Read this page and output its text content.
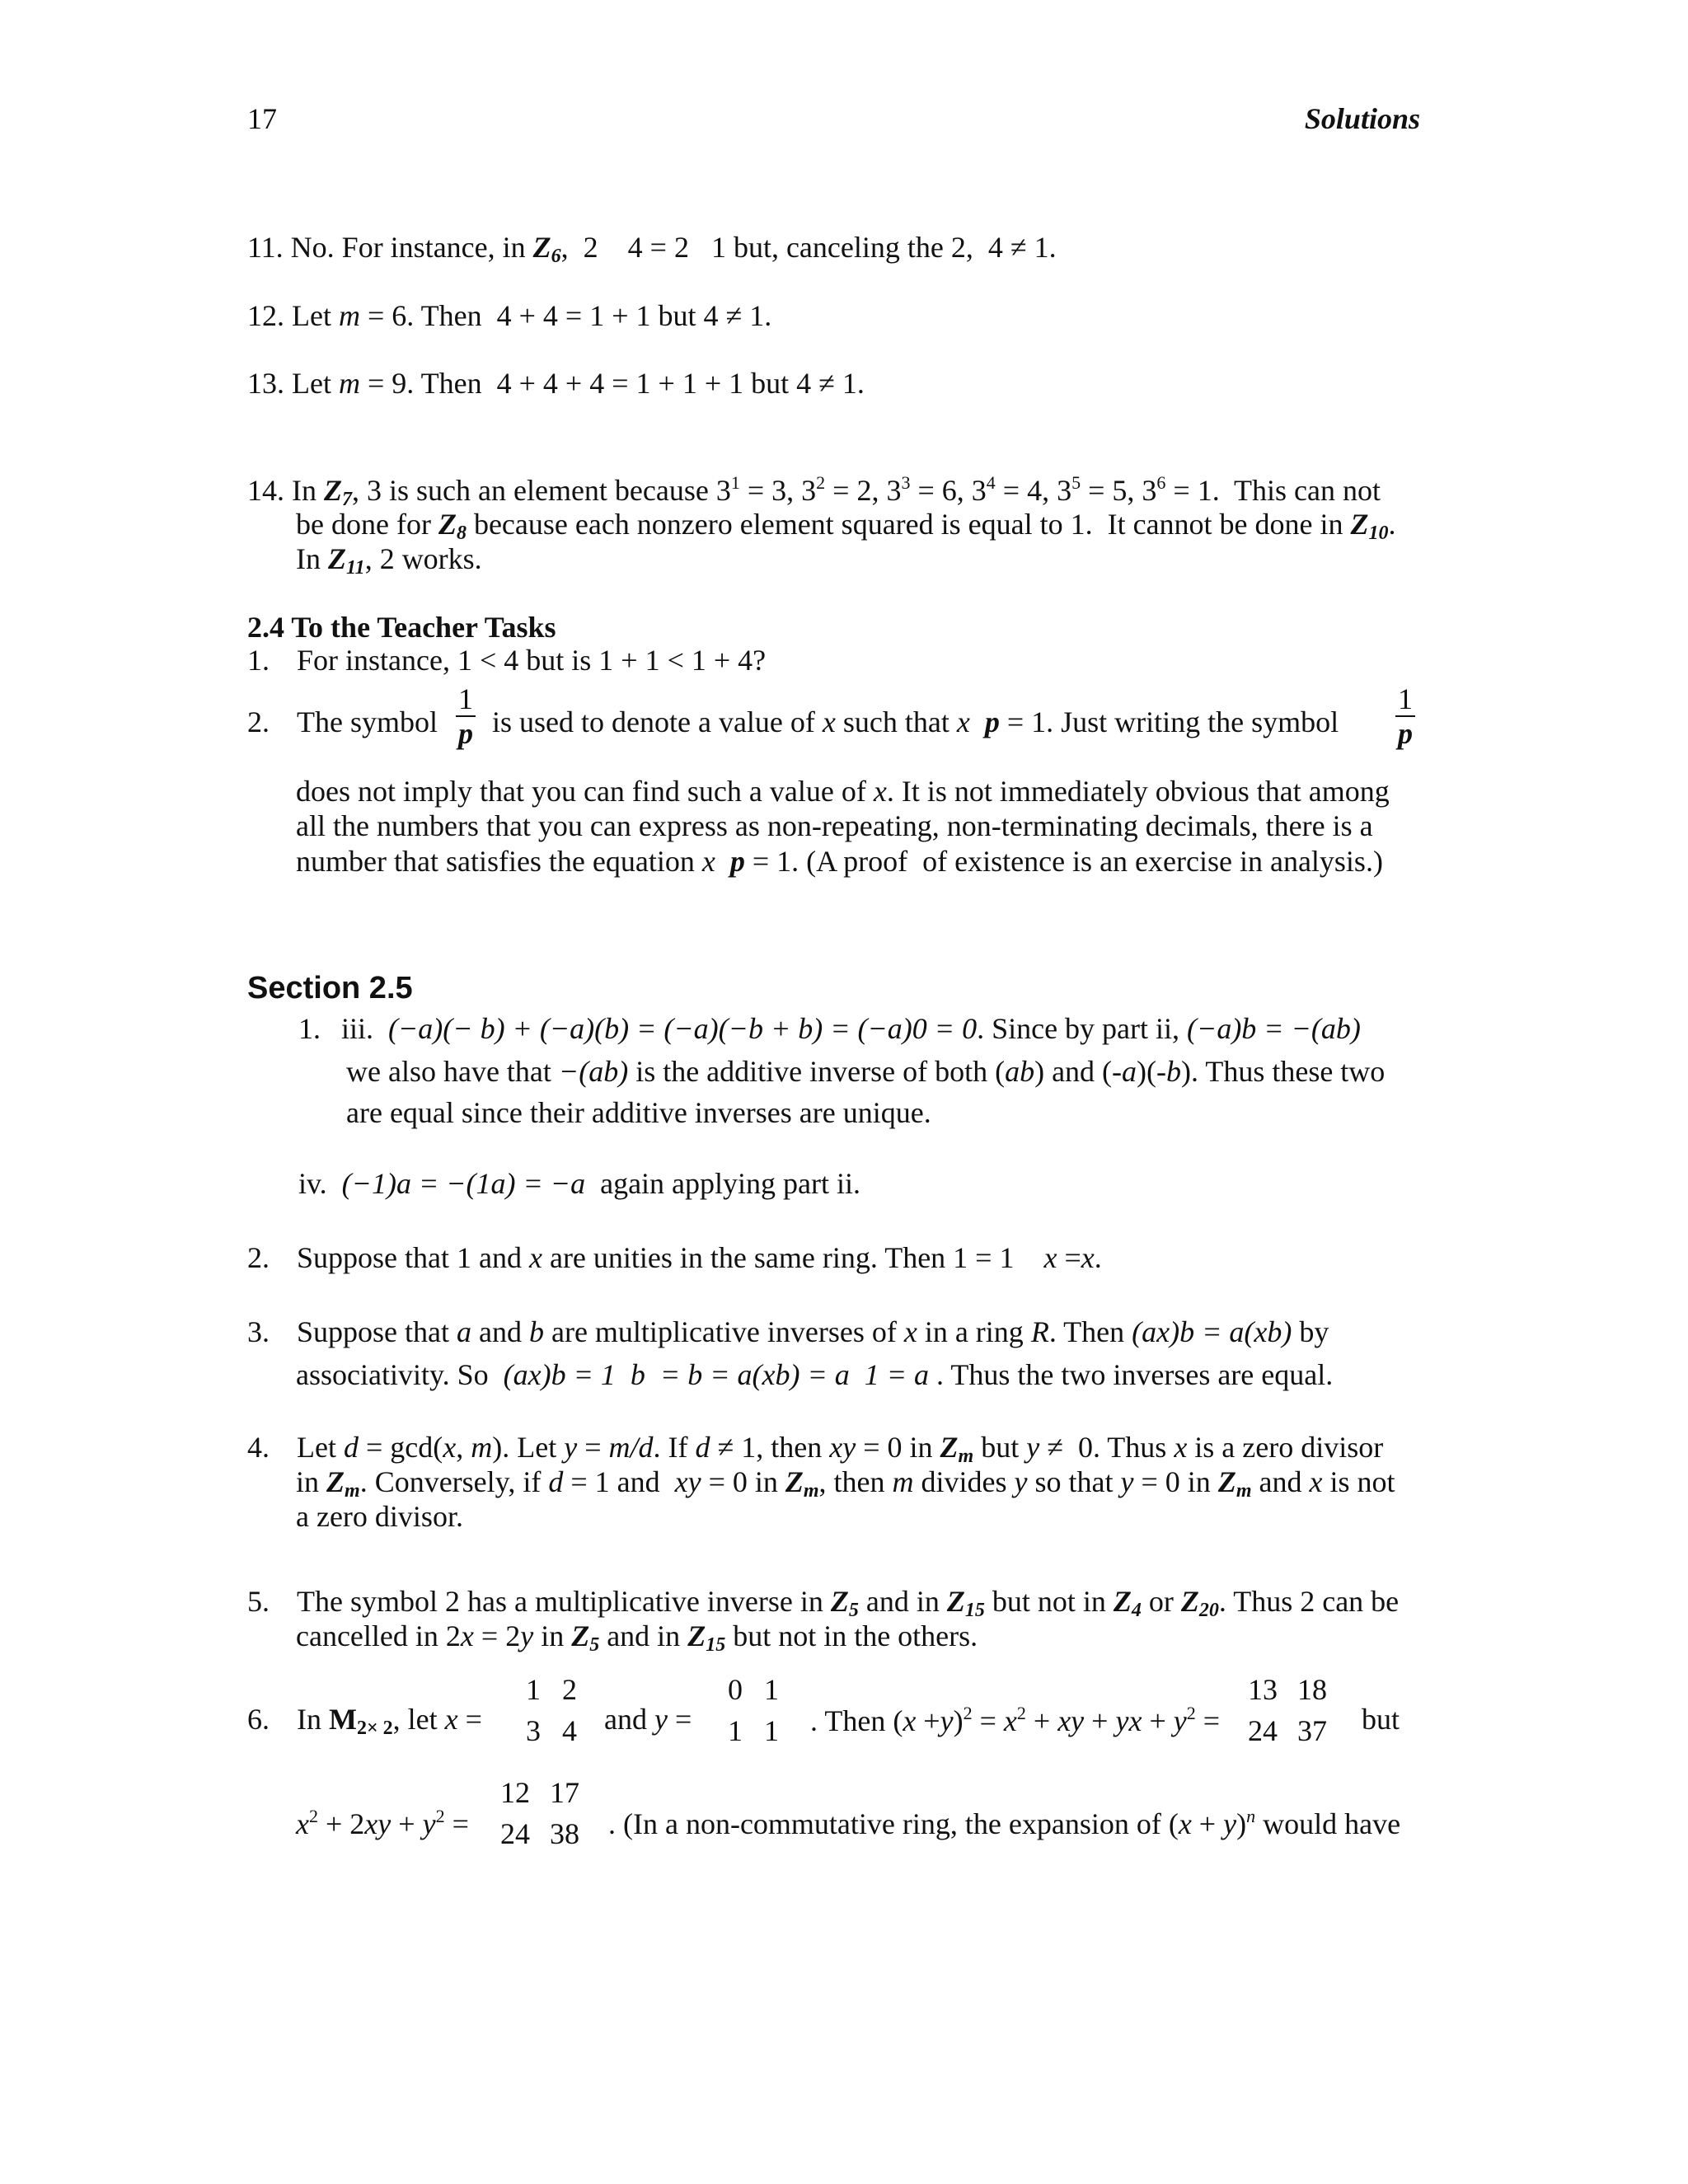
17	Solutions
11. No. For instance, in $Z_6$,  2    4 = 2   1 but, canceling the 2,  4 ≠ 1.
12. Let m = 6. Then  4 + 4 = 1 + 1 but 4 ≠ 1.
13. Let m = 9. Then  4 + 4 + 4 = 1 + 1 + 1 but 4 ≠ 1.
14. In $Z_7$, 3 is such an element because $3^1 = 3$, $3^2 = 2$, $3^3 = 6$, $3^4 = 4$, $3^5 = 5$, $3^6 = 1$.  This can not
be done for $Z_8$ because each nonzero element squared is equal to 1.  It cannot be done in $Z_{10}$.
In $Z_{11}$, 2 works.
2.4 To the Teacher Tasks
1. For instance, 1 < 4 but is 1 + 1 < 1 + 4?
2. The symbol
1
p is used to denote a value of x such that x p = 1. Just writing the symbol
1
p
does not imply that you can find such a value of x. It is not immediately obvious that among
all the numbers that you can express as non-repeating, non-terminating decimals, there is a
number that satisfies the equation x p = 1. (A proof  of existence is an exercise in analysis.)
Section 2.5
1. iii. (−a)(− b) + (−a)(b) = (−a)(−b + b) = (−a)0 = 0. Since by part ii, (−a)b = −(ab)
we also have that −(ab) is the additive inverse of both (ab) and (-a)(-b). Thus these two
are equal since their additive inverses are unique.
iv. (−1)a = −(1a) = −a  again applying part ii.
2. Suppose that 1 and x are unities in the same ring. Then 1 = 1    x =x.
3. Suppose that a and b are multiplicative inverses of x in a ring R. Then (ax)b = a(xb) by
associativity. So  (ax)b = 1  b  = b = a(xb) = a  1 = a . Thus the two inverses are equal.
4. Let d = gcd(x, m). Let y = m/d. If d ≠ 1, then xy = 0 in $Z_m$ but y ≠  0. Thus x is a zero divisor
in $Z_m$. Conversely, if d = 1 and  xy = 0 in $Z_m$, then m divides y so that y = 0 in $Z_m$ and x is not
a zero divisor.
5. The symbol 2 has a multiplicative inverse in $Z_5$ and in $Z_{15}$ but not in $Z_4$ or $Z_{20}$. Thus 2 can be
cancelled in 2x = 2y in $Z_5$ and in $Z_{15}$ but not in the others.
6. In $M_{2\times 2}$, let x =
1 2
3 4 and y =
0 1
1 1	. Then $(x +y)^2 = x^2$ + xy + yx + $y^2$ =
13 18
24 37	but
$x^2 + 2xy + y^2$ =
12 17
24 38 . (In a non-commutative ring, the expansion of $(x + y)^n$ would have
